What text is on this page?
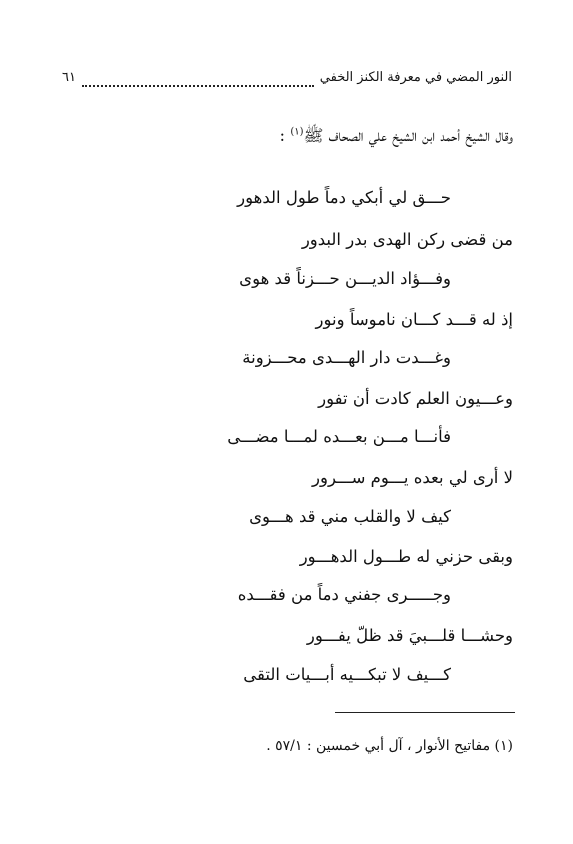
النور المضي في معرفة الكنز الخفي
٦١
وقال الشيخ أحمد ابن الشيخ علي الصحاف ﷺ$^{(١)}$ :
حـــق لي أبكي دماً طول الدهور
من قضى ركن الهدى بدر البدور
وفـــؤاد الديـــن حـــزناً قد هوى
إذ له قـــد كـــان ناموساً ونور
وغـــدت دار الهـــدى محـــزونة
وعـــيون العلم كادت أن تفور
فأنـــا مـــن بعـــده لمـــا مضـــى
لا أرى لي بعده يـــوم ســـرور
كيف لا والقلب مني قد هـــوى
وبقى حزني له طـــول الدهـــور
وجـــــرى جفني دماً من فقـــده
وحشـــا قلـــبيَ قد ظلّ يفـــور
كـــيف لا تبكـــيه أبـــيات التقى
(١) مفاتيح الأنوار ، آل أبي خمسين : ٥٧/١ .
